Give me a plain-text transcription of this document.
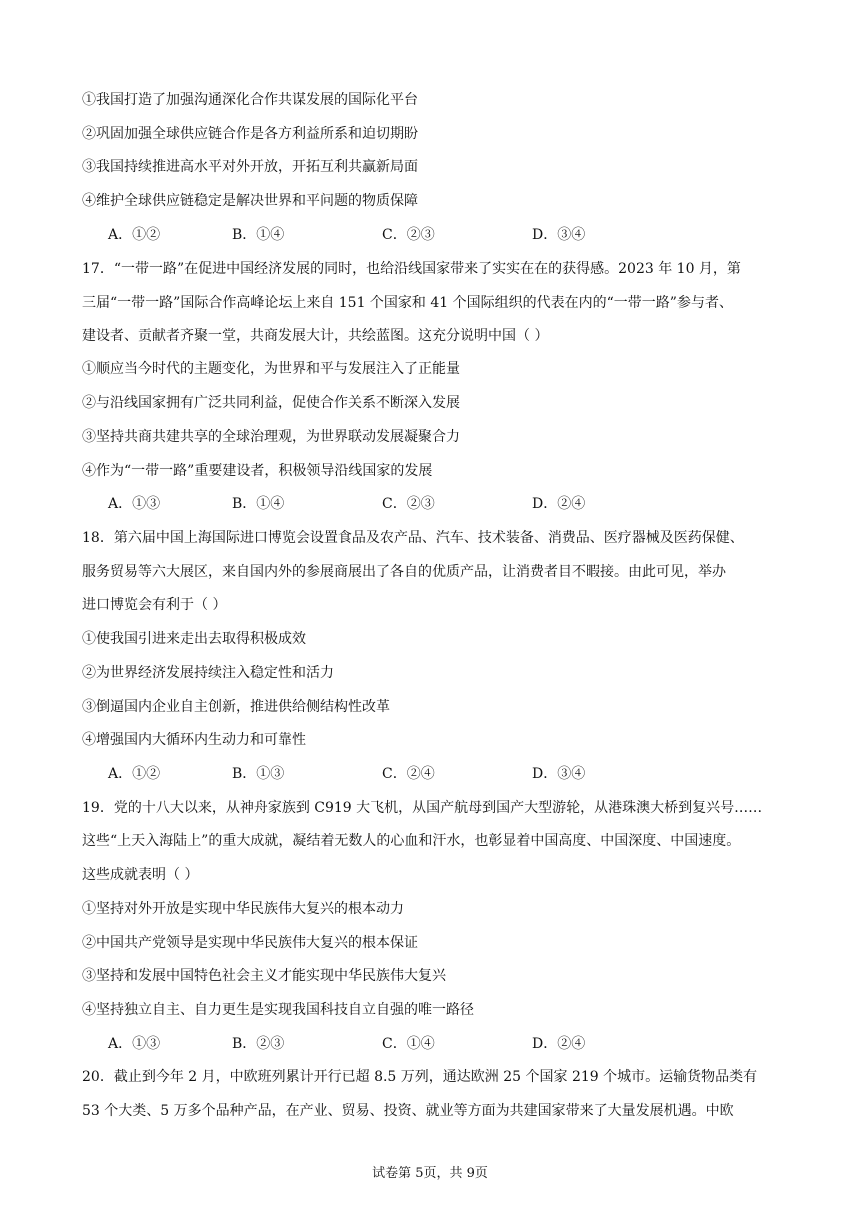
①我国打造了加强沟通深化合作共谋发展的国际化平台
②巩固加强全球供应链合作是各方利益所系和迫切期盼
③我国持续推进高水平对外开放，开拓互利共赢新局面
④维护全球供应链稳定是解决世界和平问题的物质保障
A．①②	B．①④	C．②③	D．③④
17．“一带一路”在促进中国经济发展的同时，也给沿线国家带来了实实在在的获得感。2023 年 10 月，第
三届“一带一路”国际合作高峰论坛上来自 151 个国家和 41 个国际组织的代表在内的“一带一路”参与者、
建设者、贡献者齐聚一堂，共商发展大计，共绘蓝图。这充分说明中国（ ）
①顺应当今时代的主题变化，为世界和平与发展注入了正能量
②与沿线国家拥有广泛共同利益，促使合作关系不断深入发展
③坚持共商共建共享的全球治理观，为世界联动发展凝聚合力
④作为“一带一路”重要建设者，积极领导沿线国家的发展
A．①③	B．①④	C．②③	D．②④
18．第六届中国上海国际进口博览会设置食品及农产品、汽车、技术装备、消费品、医疗器械及医药保健、
服务贸易等六大展区，来自国内外的参展商展出了各自的优质产品，让消费者目不暇接。由此可见，举办
进口博览会有利于（ ）
①使我国引进来走出去取得积极成效
②为世界经济发展持续注入稳定性和活力
③倒逼国内企业自主创新，推进供给侧结构性改革
④增强国内大循环内生动力和可靠性
A．①②	B．①③	C．②④	D．③④
19．党的十八大以来，从神舟家族到 C919 大飞机，从国产航母到国产大型游轮，从港珠澳大桥到复兴号……
这些“上天入海陆上”的重大成就，凝结着无数人的心血和汗水，也彰显着中国高度、中国深度、中国速度。
这些成就表明（ ）
①坚持对外开放是实现中华民族伟大复兴的根本动力
②中国共产党领导是实现中华民族伟大复兴的根本保证
③坚持和发展中国特色社会主义才能实现中华民族伟大复兴
④坚持独立自主、自力更生是实现我国科技自立自强的唯一路径
A．①③	B．②③	C．①④	D．②④
20．截止到今年 2 月，中欧班列累计开行已超 8.5 万列，通达欧洲 25 个国家 219 个城市。运输货物品类有
53 个大类、5 万多个品种产品，在产业、贸易、投资、就业等方面为共建国家带来了大量发展机遇。中欧
试卷第 5页，共 9页
